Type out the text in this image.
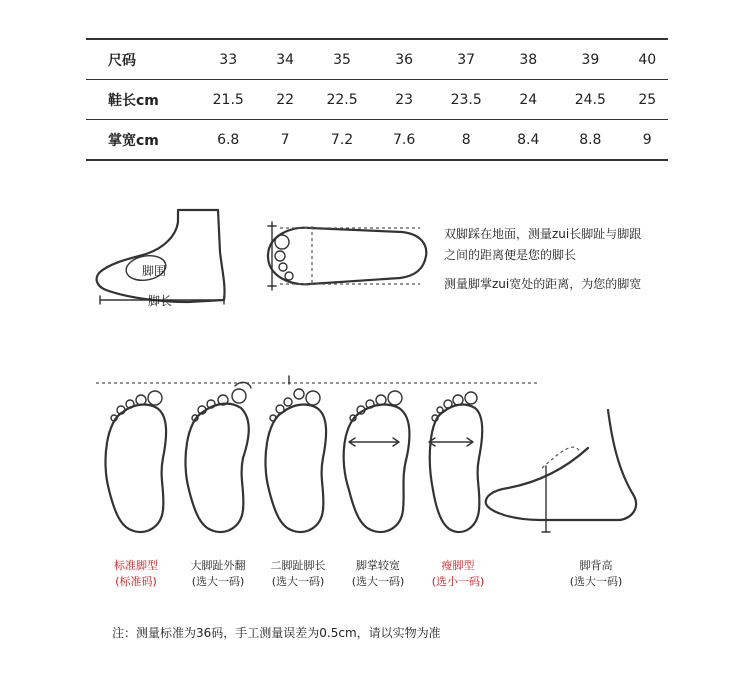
尺码	33	34	35	36	37	38	39	40
鞋长cm	21.5	22	22.5	23	23.5	24	24.5	25
掌宽cm	6.8	7	7.2	7.6	8	8.4	8.8	9
脚围
脚长
双脚踩在地面，测量zui长脚趾与脚跟
之间的距离便是您的脚长
测量脚掌zui宽处的距离，为您的脚宽
标准脚型
(标准码)
大脚趾外翻
(选大一码)
二脚趾脚长
(选大一码)
脚掌较宽
(选大一码)
瘦脚型
(选小一码)
脚背高
(选大一码)
注：测量标准为36码，手工测量误差为0.5cm，请以实物为准
